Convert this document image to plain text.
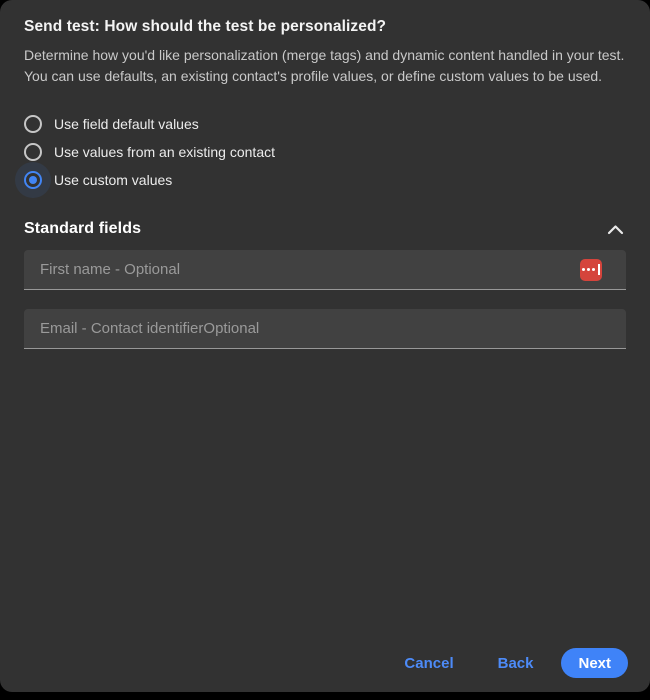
Send test: How should the test be personalized?
Determine how you'd like personalization (merge tags) and dynamic content handled in your test. You can use defaults, an existing contact's profile values, or define custom values to be used.
Use field default values
Use values from an existing contact
Use custom values
Standard fields
First name - Optional
Email - Contact identifierOptional
Cancel	Back	Next
